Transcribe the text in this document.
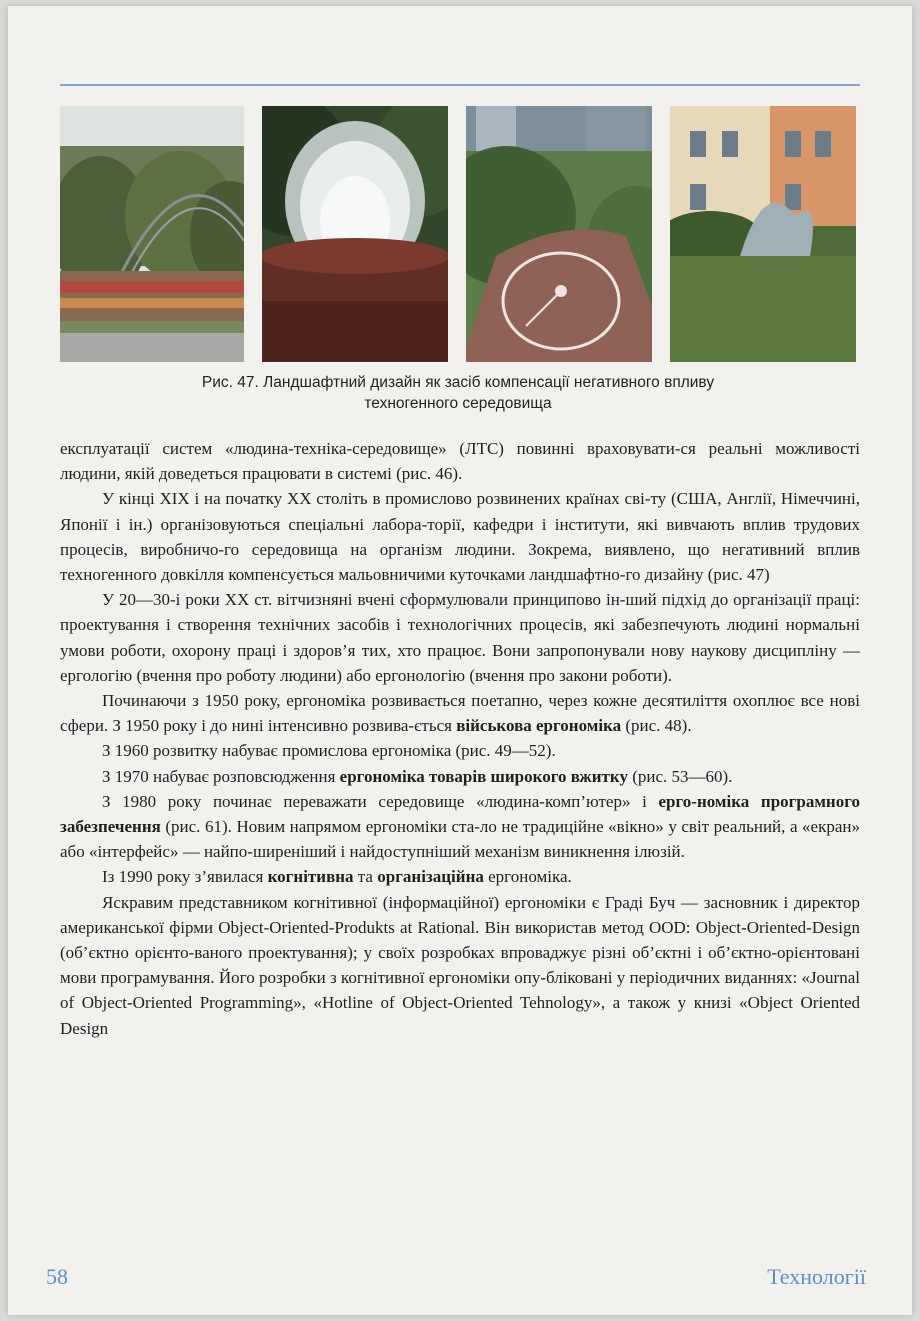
Рис. 47. Ландшафтний дизайн як засіб компенсації негативного впливу
техногенного середовища

експлуатації систем «людина-техніка-середовище» (ЛТС) повинні враховувати-ся реальні можливості людини, якій доведеться працювати в системі (рис. 46).

У кінці XIX і на початку XX століть в промислово розвинених країнах сві-ту (США, Англії, Німеччині, Японії і ін.) організовуються спеціальні лабора-торії, кафедри і інститути, які вивчають вплив трудових процесів, виробничо-го середовища на організм людини. Зокрема, виявлено, що негативний вплив техногенного довкілля компенсується мальовничими куточками ландшафтно-го дизайну (рис. 47)

У 20—30-і роки XX ст. вітчизняні вчені сформулювали принципово ін-ший підхід до організації праці: проектування і створення технічних засобів і технологічних процесів, які забезпечують людині нормальні умови роботи, охорону праці і здоров’я тих, хто працює. Вони запропонували нову наукову дисципліну — ергологію (вчення про роботу людини) або ергонологію (вчення про закони роботи).

Починаючи з 1950 року, ергономіка розвивається поетапно, через кожне десятиліття охоплює все нові сфери. З 1950 року і до нині інтенсивно розвива-ється військова ергономіка (рис. 48).

З 1960 розвитку набуває промислова ергономіка (рис. 49—52).

З 1970 набуває розповсюдження ергономіка товарів широкого вжитку (рис. 53—60).

З 1980 року починає переважати середовище «людина-комп’ютер» і ерго-номіка програмного забезпечення (рис. 61). Новим напрямом ергономіки ста-ло не традиційне «вікно» у світ реальний, а «екран» або «інтерфейс» — найпо-ширеніший і найдоступніший механізм виникнення ілюзій.

Із 1990 року з’явилася когнітивна та організаційна ергономіка.

Яскравим представником когнітивної (інформаційної) ергономіки є Граді Буч — засновник і директор американської фірми Object-Oriented-Produkts at Rational. Він використав метод OOD: Object-Oriented-Design (об’єктно орієнто-ваного проектування); у своїх розробках впроваджує різні об’єктні і об’єктно-орієнтовані мови програмування. Його розробки з когнітивної ергономіки опу-бліковані у періодичних виданнях: «Journal of Object-Oriented Programming», «Hotline of Object-Oriented Tehnology», а також у книзі «Object Oriented Design

58	Технології
